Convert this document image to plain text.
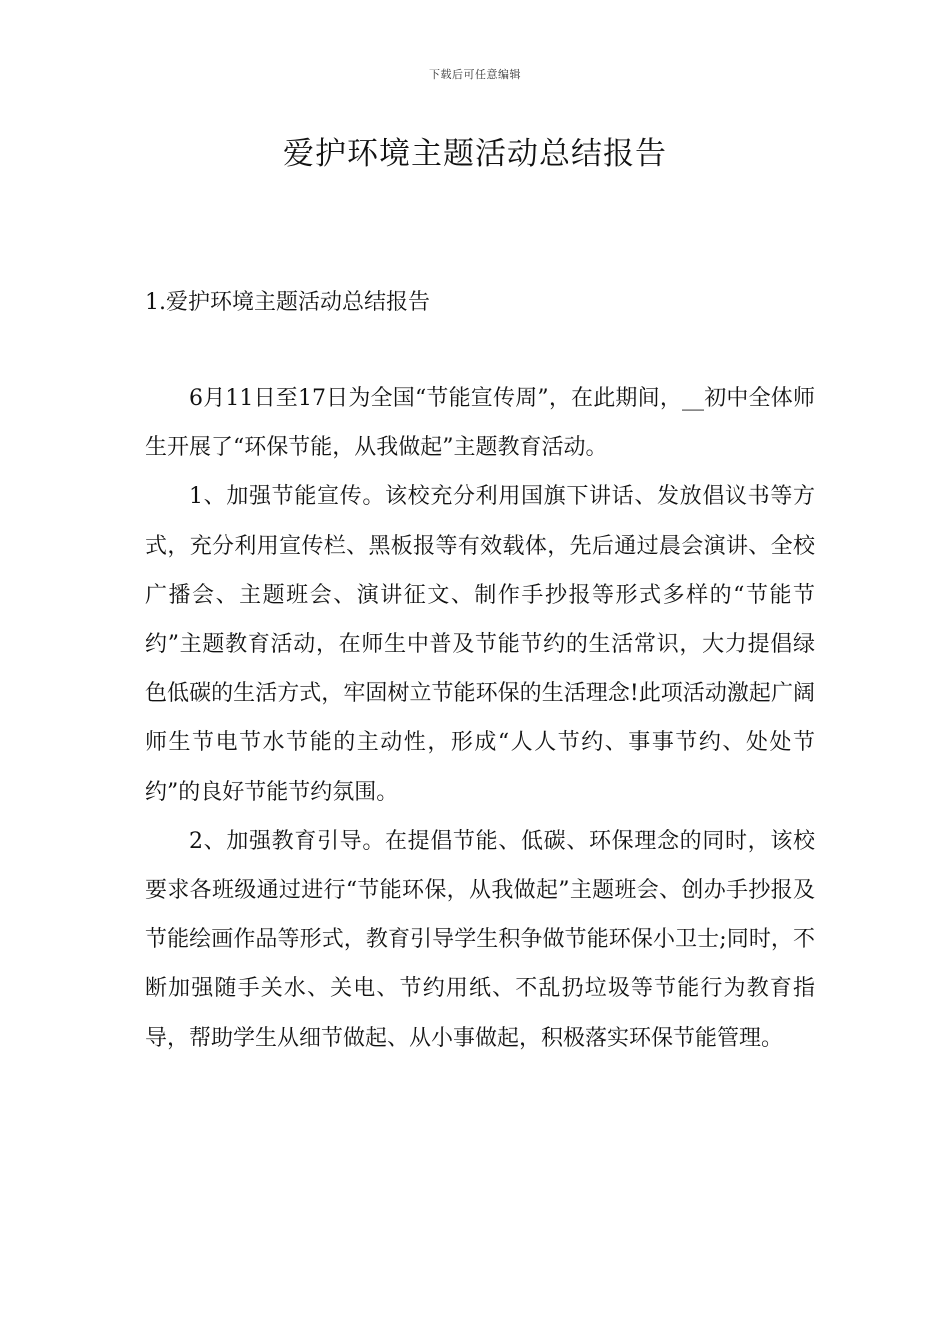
下载后可任意编辑
爱护环境主题活动总结报告
1.爱护环境主题活动总结报告

6月11日至17日为全国“节能宣传周”，在此期间，__初中全体师生开展了“环保节能，从我做起”主题教育活动。

1、加强节能宣传。该校充分利用国旗下讲话、发放倡议书等方式，充分利用宣传栏、黑板报等有效载体，先后通过晨会演讲、全校广播会、主题班会、演讲征文、制作手抄报等形式多样的“节能节约”主题教育活动，在师生中普及节能节约的生活常识，大力提倡绿色低碳的生活方式，牢固树立节能环保的生活理念!此项活动激起广阔师生节电节水节能的主动性，形成“人人节约、事事节约、处处节约”的良好节能节约氛围。

2、加强教育引导。在提倡节能、低碳、环保理念的同时，该校要求各班级通过进行“节能环保，从我做起”主题班会、创办手抄报及节能绘画作品等形式，教育引导学生积争做节能环保小卫士;同时，不断加强随手关水、关电、节约用纸、不乱扔垃圾等节能行为教育指导，帮助学生从细节做起、从小事做起，积极落实环保节能管理。
